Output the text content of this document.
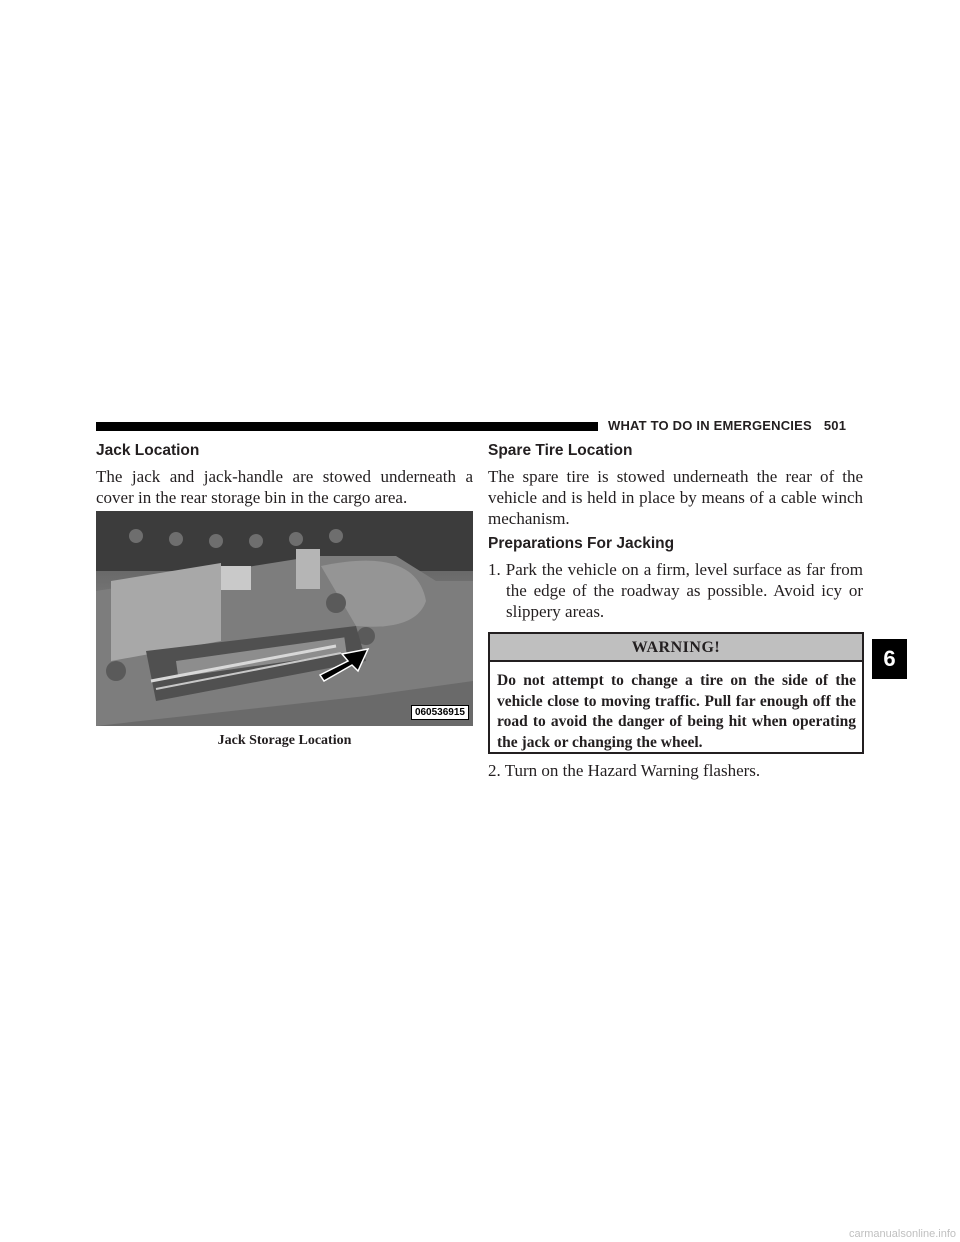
WHAT TO DO IN EMERGENCIES 501
Jack Location

The jack and jack-handle are stowed underneath a cover in the rear storage bin in the cargo area.

060536915

Jack Storage Location

Spare Tire Location

The spare tire is stowed underneath the rear of the vehicle and is held in place by means of a cable winch mechanism.

Preparations For Jacking

1. Park the vehicle on a firm, level surface as far from the edge of the roadway as possible. Avoid icy or slippery areas.

WARNING!

Do not attempt to change a tire on the side of the vehicle close to moving traffic. Pull far enough off the road to avoid the danger of being hit when operating the jack or changing the wheel.

2. Turn on the Hazard Warning flashers.

6
carmanualsonline.info
